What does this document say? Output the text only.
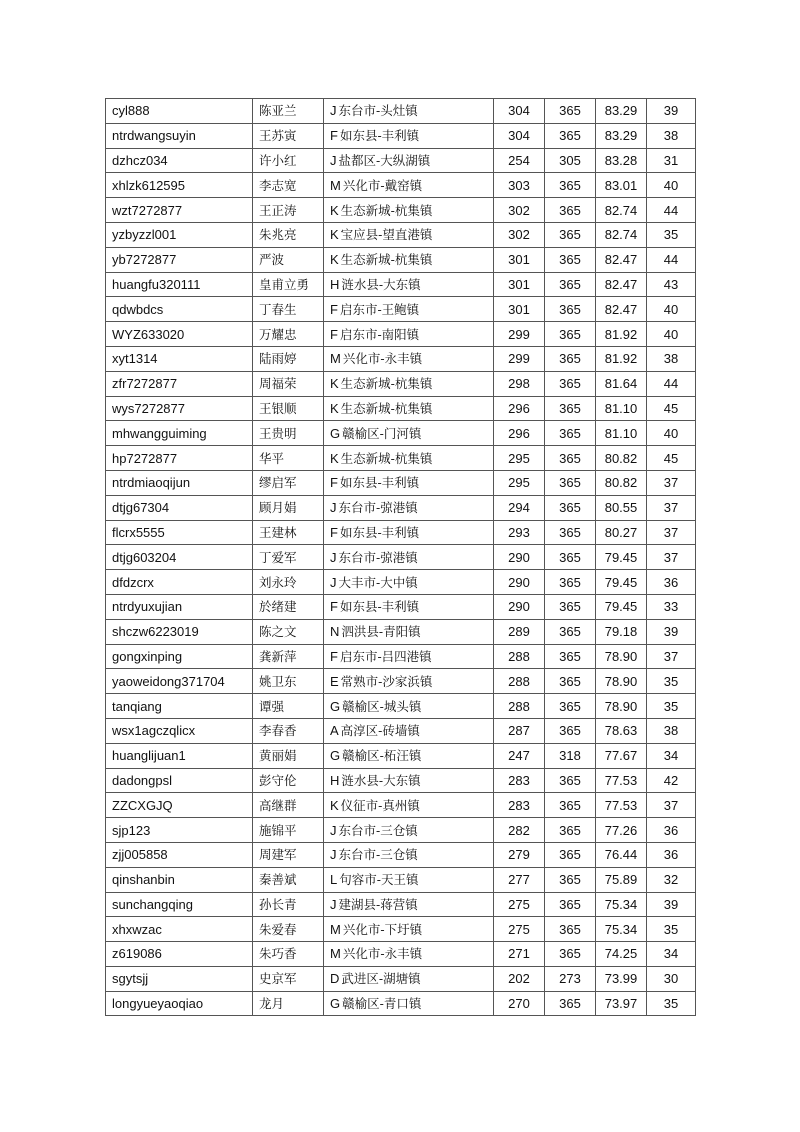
cyl888	陈亚兰	J 东台市-头灶镇	304	365	83.29	39
ntrdwangsuyin	王苏寅	F 如东县-丰利镇	304	365	83.29	38
dzhcz034	许小红	J 盐都区-大纵湖镇	254	305	83.28	31
xhlzk612595	李志宽	M 兴化市-戴窑镇	303	365	83.01	40
wzt7272877	王正涛	K 生态新城-杭集镇	302	365	82.74	44
yzbyzzl001	朱兆亮	K 宝应县-望直港镇	302	365	82.74	35
yb7272877	严波	K 生态新城-杭集镇	301	365	82.47	44
huangfu320111	皇甫立勇	H 涟水县-大东镇	301	365	82.47	43
qdwbdcs	丁春生	F 启东市-王鲍镇	301	365	82.47	40
WYZ633020	万耀忠	F 启东市-南阳镇	299	365	81.92	40
xyt1314	陆雨婷	M 兴化市-永丰镇	299	365	81.92	38
zfr7272877	周福荣	K 生态新城-杭集镇	298	365	81.64	44
wys7272877	王银顺	K 生态新城-杭集镇	296	365	81.10	45
mhwangguiming	王贵明	G 赣榆区-门河镇	296	365	81.10	40
hp7272877	华平	K 生态新城-杭集镇	295	365	80.82	45
ntrdmiaoqijun	缪启军	F 如东县-丰利镇	295	365	80.82	37
dtjg67304	顾月娟	J 东台市-弶港镇	294	365	80.55	37
flcrx5555	王建林	F 如东县-丰利镇	293	365	80.27	37
dtjg603204	丁爱军	J 东台市-弶港镇	290	365	79.45	37
dfdzcrx	刘永玲	J 大丰市-大中镇	290	365	79.45	36
ntrdyuxujian	於绪建	F 如东县-丰利镇	290	365	79.45	33
shczw6223019	陈之文	N 泗洪县-青阳镇	289	365	79.18	39
gongxinping	龚新萍	F 启东市-吕四港镇	288	365	78.90	37
yaoweidong371704	姚卫东	E 常熟市-沙家浜镇	288	365	78.90	35
tanqiang	谭强	G 赣榆区-城头镇	288	365	78.90	35
wsx1agczqlicx	李春香	A 高淳区-砖墙镇	287	365	78.63	38
huanglijuan1	黄丽娟	G 赣榆区-柘汪镇	247	318	77.67	34
dadongpsl	彭守伦	H 涟水县-大东镇	283	365	77.53	42
ZZCXGJQ	高继群	K 仪征市-真州镇	283	365	77.53	37
sjp123	施锦平	J 东台市-三仓镇	282	365	77.26	36
zjj005858	周建军	J 东台市-三仓镇	279	365	76.44	36
qinshanbin	秦善斌	L 句容市-天王镇	277	365	75.89	32
sunchangqing	孙长青	J 建湖县-蒋营镇	275	365	75.34	39
xhxwzac	朱爱春	M 兴化市-下圩镇	275	365	75.34	35
z619086	朱巧香	M 兴化市-永丰镇	271	365	74.25	34
sgytsjj	史京军	D 武进区-湖塘镇	202	273	73.99	30
longyueyaoqiao	龙月	G 赣榆区-青口镇	270	365	73.97	35
